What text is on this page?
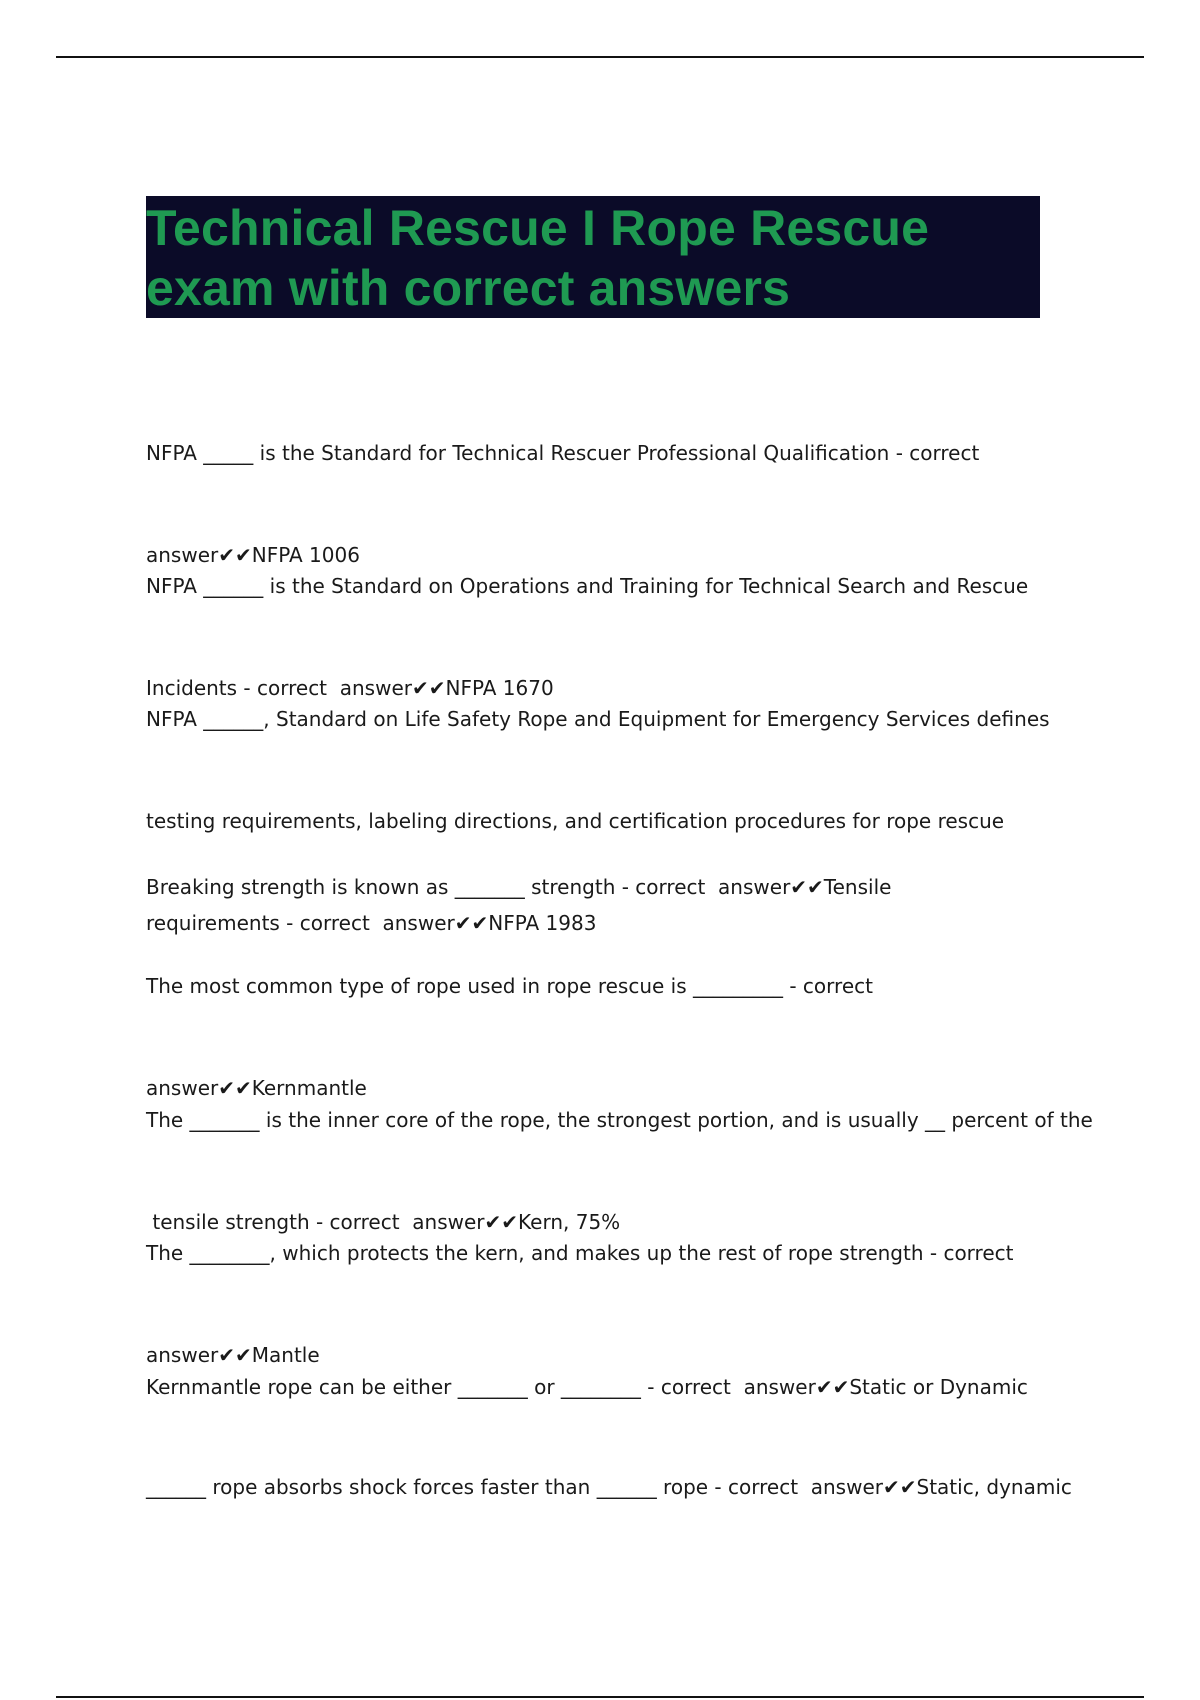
Technical Rescue I Rope Rescue
exam with correct answers

NFPA _____ is the Standard for Technical Rescuer Professional Qualification - correct

answer✔✔NFPA 1006

NFPA ______ is the Standard on Operations and Training for Technical Search and Rescue

Incidents - correct  answer✔✔NFPA 1670

NFPA ______, Standard on Life Safety Rope and Equipment for Emergency Services defines

testing requirements, labeling directions, and certification procedures for rope rescue

requirements - correct  answer✔✔NFPA 1983

Breaking strength is known as _______ strength - correct  answer✔✔Tensile

The most common type of rope used in rope rescue is _________ - correct

answer✔✔Kernmantle

The _______ is the inner core of the rope, the strongest portion, and is usually __ percent of the

tensile strength - correct  answer✔✔Kern, 75%

The ________, which protects the kern, and makes up the rest of rope strength - correct

answer✔✔Mantle

Kernmantle rope can be either _______ or ________ - correct  answer✔✔Static or Dynamic

______ rope absorbs shock forces faster than ______ rope - correct  answer✔✔Static, dynamic
